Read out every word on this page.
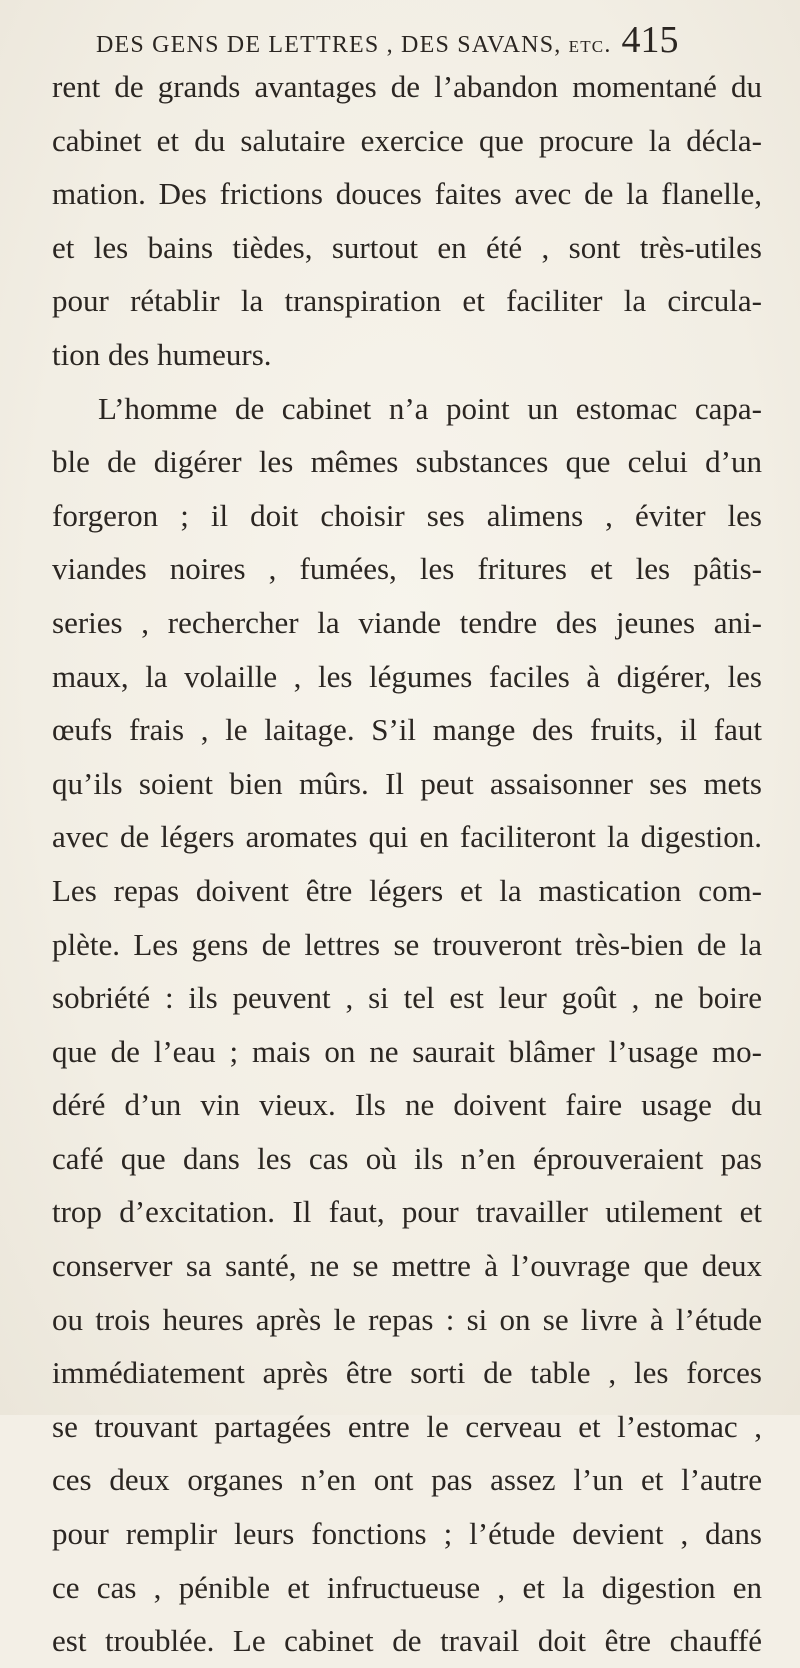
DES GENS DE LETTRES , DES SAVANS, etc. 415
rent de grands avantages de l’abandon momentané du
cabinet et du salutaire exercice que procure la décla-
mation. Des frictions douces faites avec de la flanelle,
et les bains tièdes, surtout en été , sont très-utiles
pour rétablir la transpiration et faciliter la circula-
tion des humeurs.
L’homme de cabinet n’a point un estomac capa-
ble de digérer les mêmes substances que celui d’un
forgeron ; il doit choisir ses alimens , éviter les
viandes noires , fumées, les fritures et les pâtis-
series , rechercher la viande tendre des jeunes ani-
maux, la volaille , les légumes faciles à digérer, les
œufs frais , le laitage. S’il mange des fruits, il faut
qu’ils soient bien mûrs. Il peut assaisonner ses mets
avec de légers aromates qui en faciliteront la digestion.
Les repas doivent être légers et la mastication com-
plète. Les gens de lettres se trouveront très-bien de la
sobriété : ils peuvent , si tel est leur goût , ne boire
que de l’eau ; mais on ne saurait blâmer l’usage mo-
déré d’un vin vieux. Ils ne doivent faire usage du
café que dans les cas où ils n’en éprouveraient pas
trop d’excitation. Il faut, pour travailler utilement et
conserver sa santé, ne se mettre à l’ouvrage que deux
ou trois heures après le repas : si on se livre à l’étude
immédiatement après être sorti de table , les forces
se trouvant partagées entre le cerveau et l’estomac ,
ces deux organes n’en ont pas assez l’un et l’autre
pour remplir leurs fonctions ; l’étude devient , dans
ce cas , pénible et infructueuse , et la digestion en
est troublée. Le cabinet de travail doit être chauffé
